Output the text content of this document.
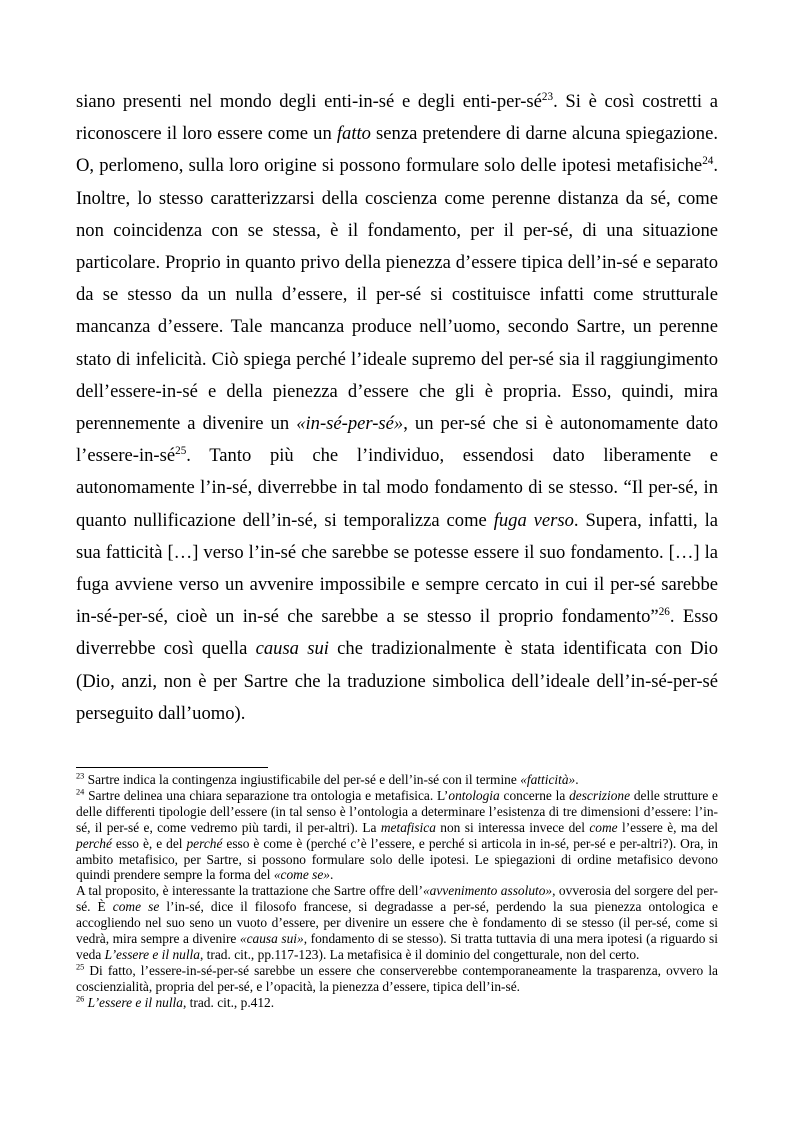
siano presenti nel mondo degli enti-in-sé e degli enti-$per-sé^{23}$. Si è così costretti a riconoscere il loro essere come un fatto senza pretendere di darne alcuna spiegazione. O, perlomeno, sulla loro origine si possono formulare solo delle ipotesi metafisiche$^{24}$. Inoltre, lo stesso caratterizzarsi della coscienza come perenne distanza da sé, come non coincidenza con se stessa, è il fondamento, per il per-sé, di una situazione particolare. Proprio in quanto privo della pienezza d’essere tipica dell’in-sé e separato da se stesso da un nulla d’essere, il per-sé si costituisce infatti come strutturale mancanza d’essere. Tale mancanza produce nell’uomo, secondo Sartre, un perenne stato di infelicità. Ciò spiega perché l’ideale supremo del per-sé sia il raggiungimento dell’essere-in-sé e della pienezza d’essere che gli è propria. Esso, quindi, mira perennemente a divenire un «in-sé-per-sé», un per-sé che si è autonomamente dato $l’essere-in-sé^{25}$. Tanto più che l’individuo, essendosi dato liberamente e autonomamente l’in-sé, diverrebbe in tal modo fondamento di se stesso. “Il per-sé, in quanto nullificazione dell’in-sé, si temporalizza come fuga verso. Supera, infatti, la sua fatticità […] verso l’in-sé che sarebbe se potesse essere il suo fondamento. […] la fuga avviene verso un avvenire impossibile e sempre cercato in cui il per-sé sarebbe in-sé-per-sé, cioè un in-sé che sarebbe a se stesso il proprio fondamento”$^{26}$. Esso diverrebbe così quella causa sui che tradizionalmente è stata identificata con Dio (Dio, anzi, non è per Sartre che la traduzione simbolica dell’ideale dell’in-sé-per-sé perseguito dall’uomo).

$^{23}$ Sartre indica la contingenza ingiustificabile del per-sé e dell’in-sé con il termine «fatticità».

$^{24}$ Sartre delinea una chiara separazione tra ontologia e metafisica. L’ontologia concerne la descrizione delle strutture e delle differenti tipologie dell’essere (in tal senso è l’ontologia a determinare l’esistenza di tre dimensioni d’essere: l’in-sé, il per-sé e, come vedremo più tardi, il per-altri). La metafisica non si interessa invece del come l’essere è, ma del perché esso è, e del perché esso è come è (perché c’è l’essere, e perché si articola in in-sé, per-sé e per-altri?). Ora, in ambito metafisico, per Sartre, si possono formulare solo delle ipotesi. Le spiegazioni di ordine metafisico devono quindi prendere sempre la forma del «come se».

A tal proposito, è interessante la trattazione che Sartre offre dell’«avvenimento assoluto», ovverosia del sorgere del per-sé. È come se l’in-sé, dice il filosofo francese, si degradasse a per-sé, perdendo la sua pienezza ontologica e accogliendo nel suo seno un vuoto d’essere, per divenire un essere che è fondamento di se stesso (il per-sé, come si vedrà, mira sempre a divenire «causa sui», fondamento di se stesso). Si tratta tuttavia di una mera ipotesi (a riguardo si veda L’essere e il nulla, trad. cit., pp.117-123). La metafisica è il dominio del congetturale, non del certo.

$^{25}$ Di fatto, l’essere-in-sé-per-sé sarebbe un essere che conserverebbe contemporaneamente la trasparenza, ovvero la coscienzialità, propria del per-sé, e l’opacità, la pienezza d’essere, tipica dell’in-sé.

$^{26}$ L’essere e il nulla, trad. cit., p.412.
